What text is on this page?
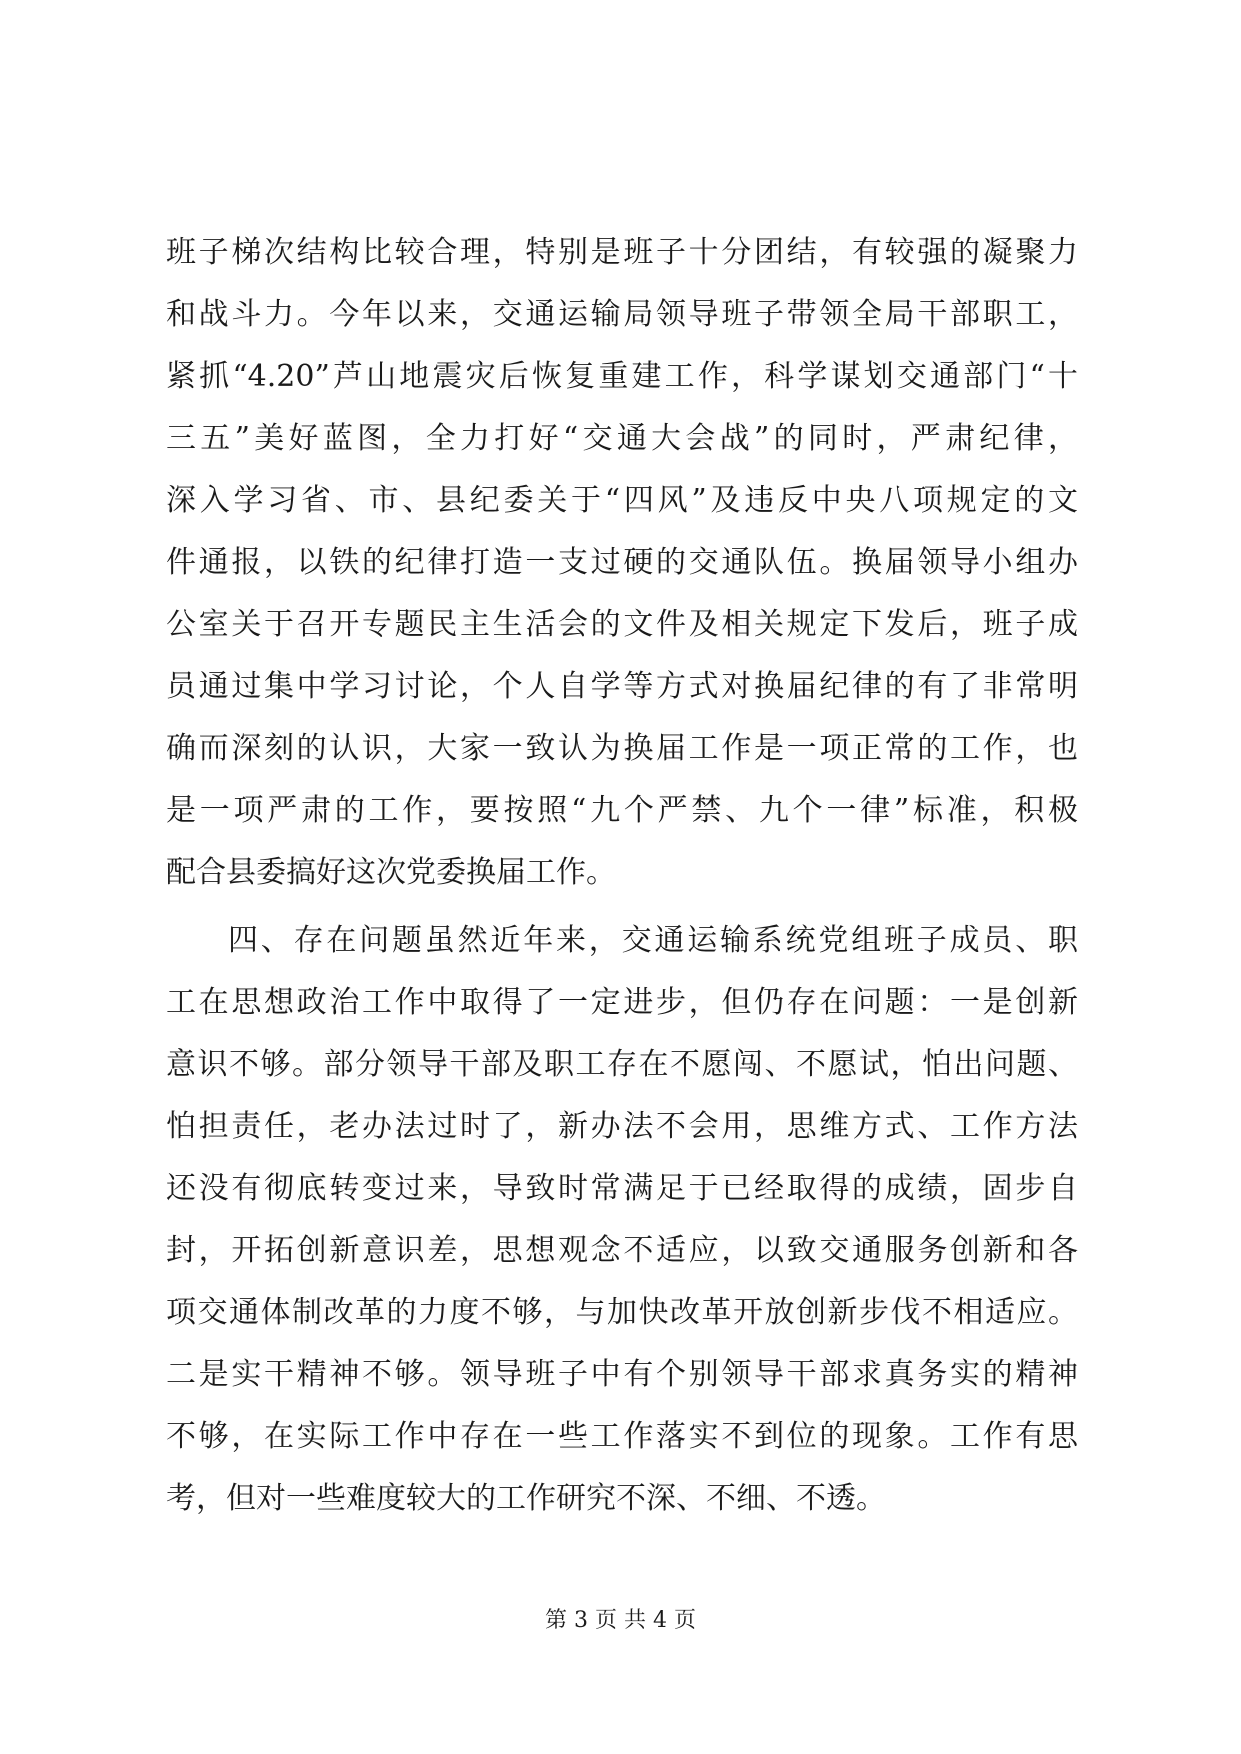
班子梯次结构比较合理，特别是班子十分团结，有较强的凝聚力
和战斗力。今年以来，交通运输局领导班子带领全局干部职工，
紧抓“4.20”芦山地震灾后恢复重建工作，科学谋划交通部门“十
三五”美好蓝图，全力打好“交通大会战”的同时，严肃纪律，
深入学习省、市、县纪委关于“四风”及违反中央八项规定的文
件通报，以铁的纪律打造一支过硬的交通队伍。换届领导小组办
公室关于召开专题民主生活会的文件及相关规定下发后，班子成
员通过集中学习讨论，个人自学等方式对换届纪律的有了非常明
确而深刻的认识，大家一致认为换届工作是一项正常的工作，也
是一项严肃的工作，要按照“九个严禁、九个一律”标准，积极
配合县委搞好这次党委换届工作。
四、存在问题虽然近年来，交通运输系统党组班子成员、职
工在思想政治工作中取得了一定进步，但仍存在问题：一是创新
意识不够。部分领导干部及职工存在不愿闯、不愿试，怕出问题、
怕担责任，老办法过时了，新办法不会用，思维方式、工作方法
还没有彻底转变过来，导致时常满足于已经取得的成绩，固步自
封，开拓创新意识差，思想观念不适应，以致交通服务创新和各
项交通体制改革的力度不够，与加快改革开放创新步伐不相适应。
二是实干精神不够。领导班子中有个别领导干部求真务实的精神
不够，在实际工作中存在一些工作落实不到位的现象。工作有思
考，但对一些难度较大的工作研究不深、不细、不透。
第 3 页 共 4 页
